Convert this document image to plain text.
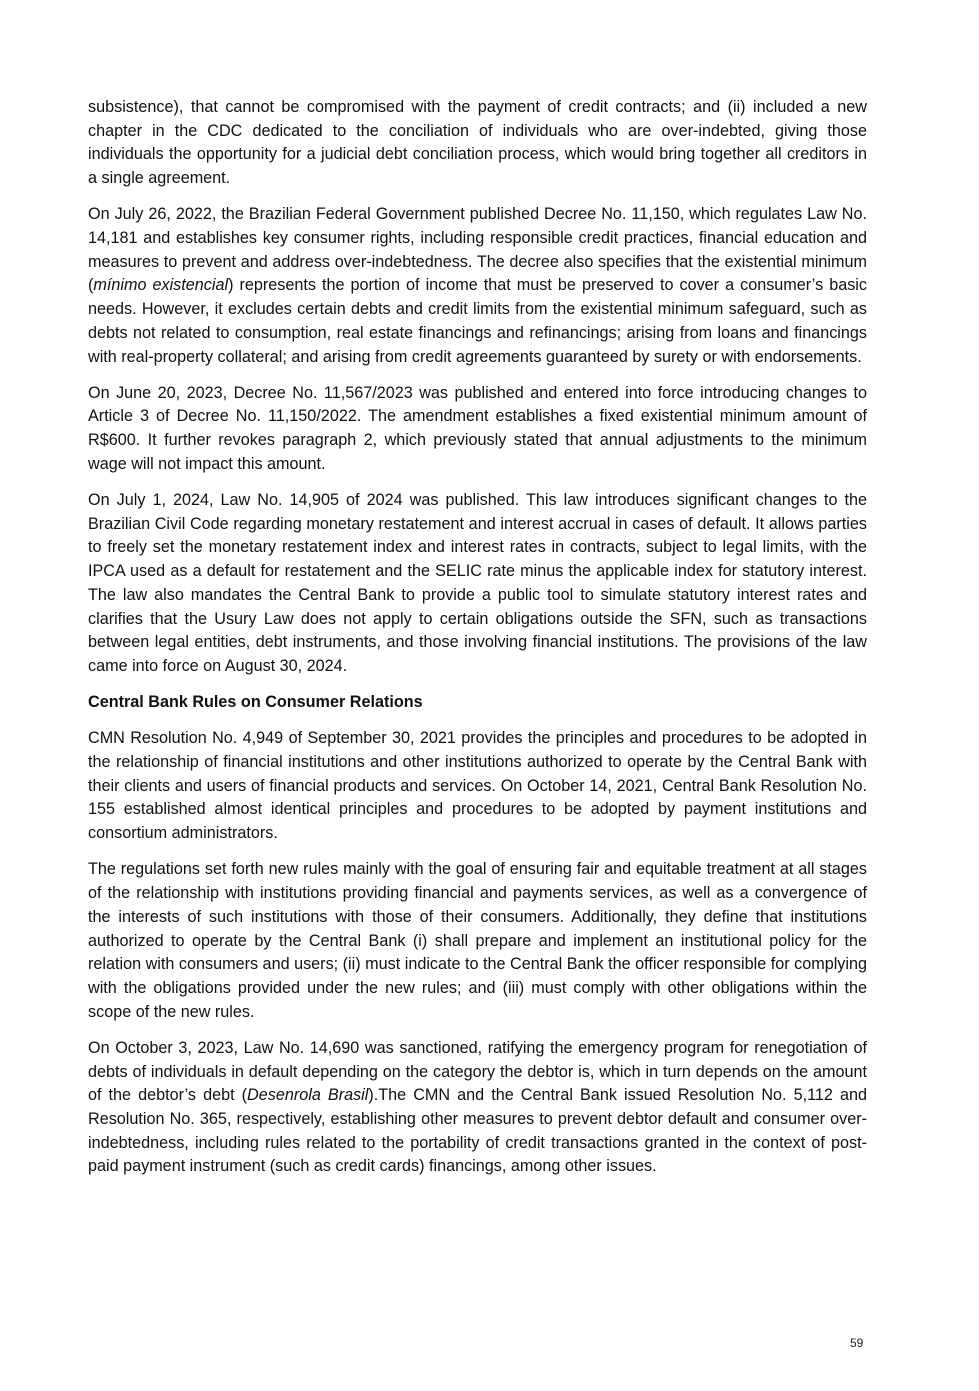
subsistence), that cannot be compromised with the payment of credit contracts; and (ii) included a new chapter in the CDC dedicated to the conciliation of individuals who are over-indebted, giving those individuals the opportunity for a judicial debt conciliation process, which would bring together all creditors in a single agreement.

On July 26, 2022, the Brazilian Federal Government published Decree No. 11,150, which regulates Law No. 14,181 and establishes key consumer rights, including responsible credit practices, financial education and measures to prevent and address over-indebtedness. The decree also specifies that the existential minimum (mínimo existencial) represents the portion of income that must be preserved to cover a consumer’s basic needs. However, it excludes certain debts and credit limits from the existential minimum safeguard, such as debts not related to consumption, real estate financings and refinancings; arising from loans and financings with real-property collateral; and arising from credit agreements guaranteed by surety or with endorsements.

On June 20, 2023, Decree No. 11,567/2023 was published and entered into force introducing changes to Article 3 of Decree No. 11,150/2022. The amendment establishes a fixed existential minimum amount of R$600. It further revokes paragraph 2, which previously stated that annual adjustments to the minimum wage will not impact this amount.

On July 1, 2024, Law No. 14,905 of 2024 was published. This law introduces significant changes to the Brazilian Civil Code regarding monetary restatement and interest accrual in cases of default. It allows parties to freely set the monetary restatement index and interest rates in contracts, subject to legal limits, with the IPCA used as a default for restatement and the SELIC rate minus the applicable index for statutory interest. The law also mandates the Central Bank to provide a public tool to simulate statutory interest rates and clarifies that the Usury Law does not apply to certain obligations outside the SFN, such as transactions between legal entities, debt instruments, and those involving financial institutions. The provisions of the law came into force on August 30, 2024.

Central Bank Rules on Consumer Relations

CMN Resolution No. 4,949 of September 30, 2021 provides the principles and procedures to be adopted in the relationship of financial institutions and other institutions authorized to operate by the Central Bank with their clients and users of financial products and services. On October 14, 2021, Central Bank Resolution No. 155 established almost identical principles and procedures to be adopted by payment institutions and consortium administrators.

The regulations set forth new rules mainly with the goal of ensuring fair and equitable treatment at all stages of the relationship with institutions providing financial and payments services, as well as a convergence of the interests of such institutions with those of their consumers. Additionally, they define that institutions authorized to operate by the Central Bank (i) shall prepare and implement an institutional policy for the relation with consumers and users; (ii) must indicate to the Central Bank the officer responsible for complying with the obligations provided under the new rules; and (iii) must comply with other obligations within the scope of the new rules.

On October 3, 2023, Law No. 14,690 was sanctioned, ratifying the emergency program for renegotiation of debts of individuals in default depending on the category the debtor is, which in turn depends on the amount of the debtor’s debt (Desenrola Brasil).The CMN and the Central Bank issued Resolution No. 5,112 and Resolution No. 365, respectively, establishing other measures to prevent debtor default and consumer over-indebtedness, including rules related to the portability of credit transactions granted in the context of post-paid payment instrument (such as credit cards) financings, among other issues.

59
